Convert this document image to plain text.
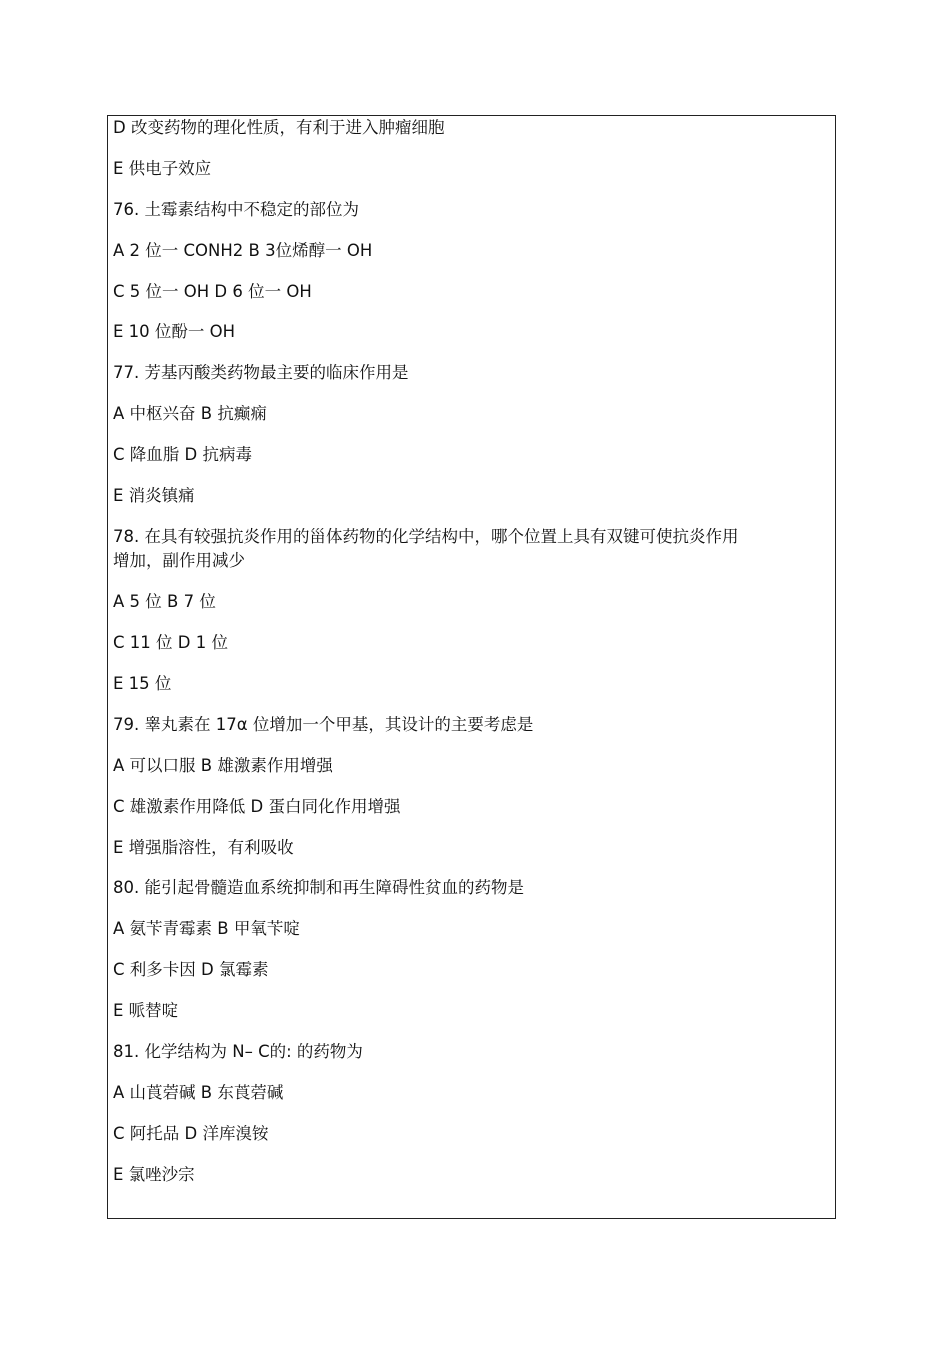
D 改变药物的理化性质，有利于进入肿瘤细胞
E 供电子效应
76. 土霉素结构中不稳定的部位为
A 2 位一 CONH2 B 3位烯醇一 OH
C 5 位一 OH D 6 位一 OH
E 10 位酚一 OH
77. 芳基丙酸类药物最主要的临床作用是
A 中枢兴奋 B 抗癫痫
C 降血脂 D 抗病毒
E 消炎镇痛
78. 在具有较强抗炎作用的甾体药物的化学结构中，哪个位置上具有双键可使抗炎作用
增加，副作用减少
A 5 位 B 7 位
C 11 位 D 1 位
E 15 位
79. 睾丸素在 17α 位增加一个甲基，其设计的主要考虑是
A 可以口服 B 雄激素作用增强
C 雄激素作用降低 D 蛋白同化作用增强
E 增强脂溶性，有利吸收
80. 能引起骨髓造血系统抑制和再生障碍性贫血的药物是
A 氨苄青霉素 B 甲氧苄啶
C 利多卡因 D 氯霉素
E 哌替啶
81. 化学结构为 N– C的: 的药物为
A 山莨菪碱 B 东莨菪碱
C 阿托品 D 洋库溴铵
E 氯唑沙宗
